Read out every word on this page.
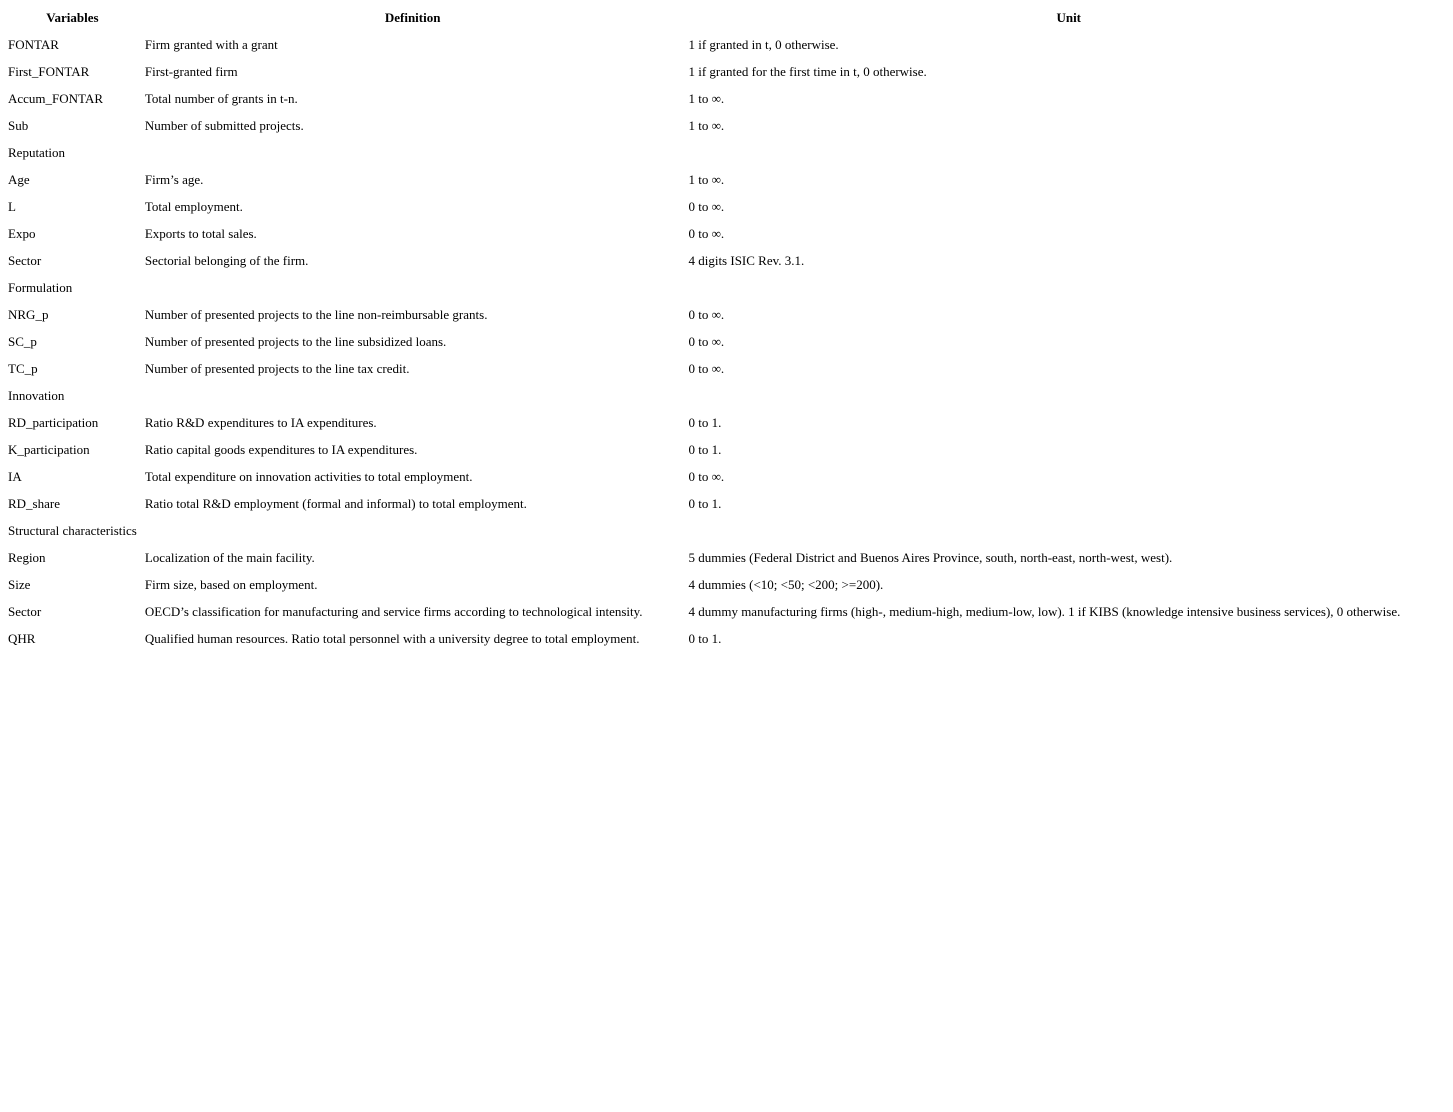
Variables	Definition	Unit
FONTAR	Firm granted with a grant	1 if granted in t, 0 otherwise.
First_FONTAR	First-granted firm	1 if granted for the first time in t, 0 otherwise.
Accum_FONTAR	Total number of grants in t-n.	1 to ∞.
Sub	Number of submitted projects.	1 to ∞.
Reputation		
Age	Firm’s age.	1 to ∞.
L	Total employment.	0 to ∞.
Expo	Exports to total sales.	0 to ∞.
Sector	Sectorial belonging of the firm.	4 digits ISIC Rev. 3.1.
Formulation		
NRG_p	Number of presented projects to the line non-reimbursable grants.	0 to ∞.
SC_p	Number of presented projects to the line subsidized loans.	0 to ∞.
TC_p	Number of presented projects to the line tax credit.	0 to ∞.
Innovation		
RD_participation	Ratio R&D expenditures to IA expenditures.	0 to 1.
K_participation	Ratio capital goods expenditures to IA expenditures.	0 to 1.
IA	Total expenditure on innovation activities to total employment.	0 to ∞.
RD_share	Ratio total R&D employment (formal and informal) to total employment.	0 to 1.
Structural characteristics		
Region	Localization of the main facility.	5 dummies (Federal District and Buenos Aires Province, south, north-east, north-west, west).
Size	Firm size, based on employment.	4 dummies (<10; <50; <200; >=200).
Sector	OECD’s classification for manufacturing and service firms according to technological intensity.	4 dummy manufacturing firms (high-, medium-high, medium-low, low). 1 if KIBS (knowledge intensive business services), 0 otherwise.
QHR	Qualified human resources. Ratio total personnel with a university degree to total employment.	0 to 1.
